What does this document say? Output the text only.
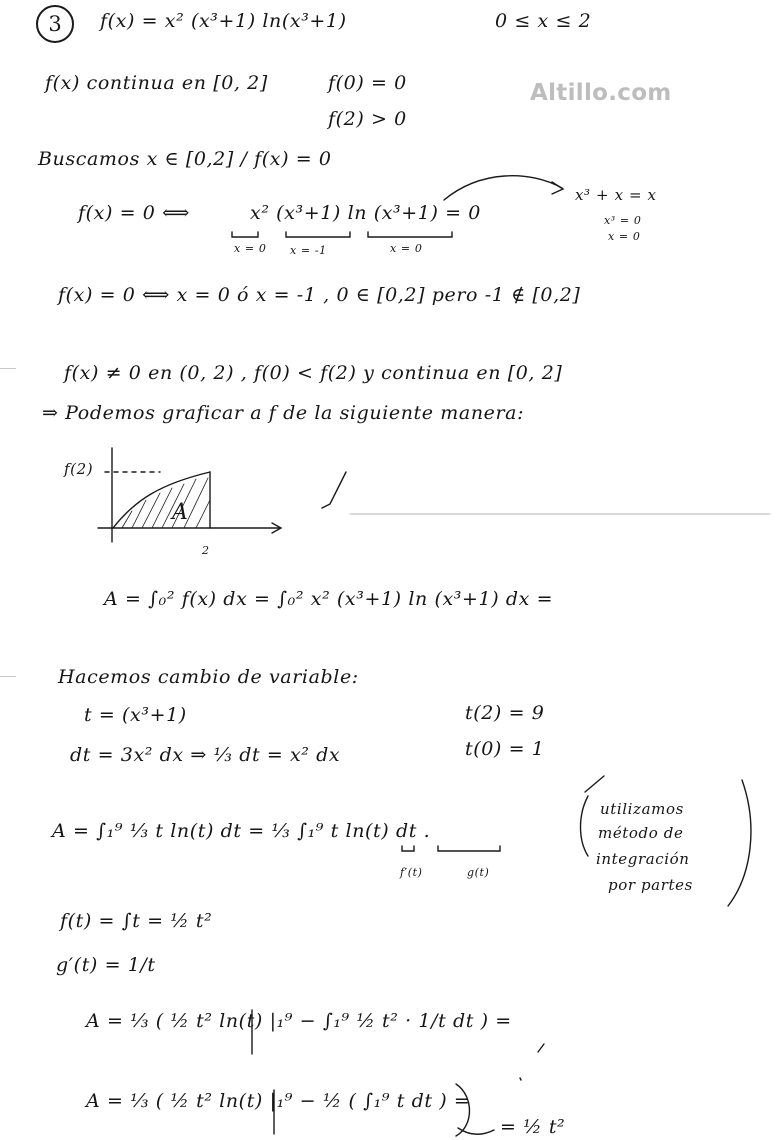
Altillo.com
3	f(x) = x² (x³+1) ln(x³+1)	0 ≤ x ≤ 2
f(x) continua en [0, 2]	f(0) = 0
f(2) > 0
Buscamos x ∈ [0,2] / f(x) = 0
f(x) = 0 ⟺	x² (x³+1) ln (x³+1) = 0
x = 0 x = -1	x = 0
x³ + x = x
x³ = 0
x = 0
f(x) = 0 ⟺ x = 0 ó x = -1 , 0 ∈ [0,2] pero -1 ∉ [0,2]
f(x) ≠ 0 en (0, 2) , f(0) < f(2) y continua en [0, 2]
⇒ Podemos graficar a f de la siguiente manera:
f(2)
2
A
A = ∫₀² f(x) dx = ∫₀² x² (x³+1) ln (x³+1) dx =
Hacemos cambio de variable:
t = (x³+1)	t(2) = 9
dt = 3x² dx ⇒ ⅓ dt = x² dx	t(0) = 1
A = ∫₁⁹ ⅓ t ln(t) dt = ⅓ ∫₁⁹ t ln(t) dt .
f′(t)	g(t)
utilizamos
método de
integración
por partes
f(t) = ∫t = ½ t²
g′(t) = 1/t
A = ⅓ ( ½ t² ln(t) |₁⁹ − ∫₁⁹ ½ t² · 1/t dt ) =
A = ⅓ ( ½ t² ln(t) |₁⁹ − ½ ( ∫₁⁹ t dt ) =
= ½ t²
